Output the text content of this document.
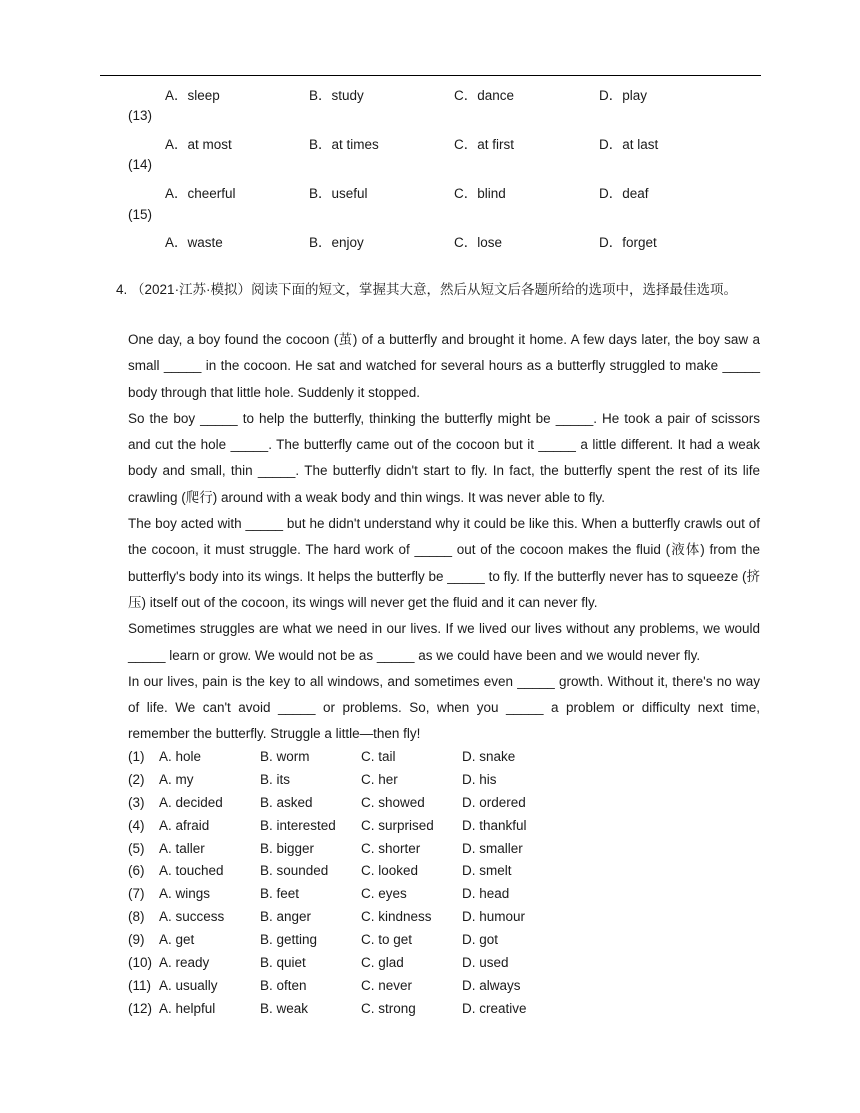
A．sleep	B．study	C．dance	D．play
(13)
A．at most	B．at times	C．at first	D．at last
(14)
A．cheerful	B．useful	C．blind	D．deaf
(15)
A．waste	B．enjoy	C．lose	D．forget
4. （2021·江苏·模拟）阅读下面的短文，掌握其大意，然后从短文后各题所给的选项中，选择最佳选项。

One day, a boy found the cocoon (茧) of a butterfly and brought it home. A few days later, the boy saw a small _____ in the cocoon. He sat and watched for several hours as a butterfly struggled to make _____ body through that little hole. Suddenly it stopped.

So the boy _____ to help the butterfly, thinking the butterfly might be _____. He took a pair of scissors and cut the hole _____. The butterfly came out of the cocoon but it _____ a little different. It had a weak body and small, thin _____. The butterfly didn't start to fly. In fact, the butterfly spent the rest of its life crawling (爬行) around with a weak body and thin wings. It was never able to fly.

The boy acted with _____ but he didn't understand why it could be like this. When a butterfly crawls out of the cocoon, it must struggle. The hard work of _____ out of the cocoon makes the fluid (液体) from the butterfly's body into its wings. It helps the butterfly be _____ to fly. If the butterfly never has to squeeze (挤压) itself out of the cocoon, its wings will never get the fluid and it can never fly.

Sometimes struggles are what we need in our lives. If we lived our lives without any problems, we would _____ learn or grow. We would not be as _____ as we could have been and we would never fly.

In our lives, pain is the key to all windows, and sometimes even _____ growth. Without it, there's no way of life. We can't avoid _____ or problems. So, when you _____ a problem or difficulty next time, remember the butterfly. Struggle a little—then fly!

(1) A. hole	B. worm	C. tail	D. snake
(2) A. my	B. its	C. her	D. his
(3) A. decided	B. asked	C. showed	D. ordered
(4) A. afraid	B. interested C. surprised D. thankful
(5) A. taller	B. bigger	C. shorter	D. smaller
(6) A. touched	B. sounded C. looked	D. smelt
(7) A. wings	B. feet	C. eyes	D. head
(8) A. success	B. anger	C. kindness D. humour
(9) A. get	B. getting	C. to get	D. got
(10) A. ready	B. quiet	C. glad	D. used
(11) A. usually	B. often	C. never	D. always
(12) A. helpful	B. weak	C. strong	D. creative
